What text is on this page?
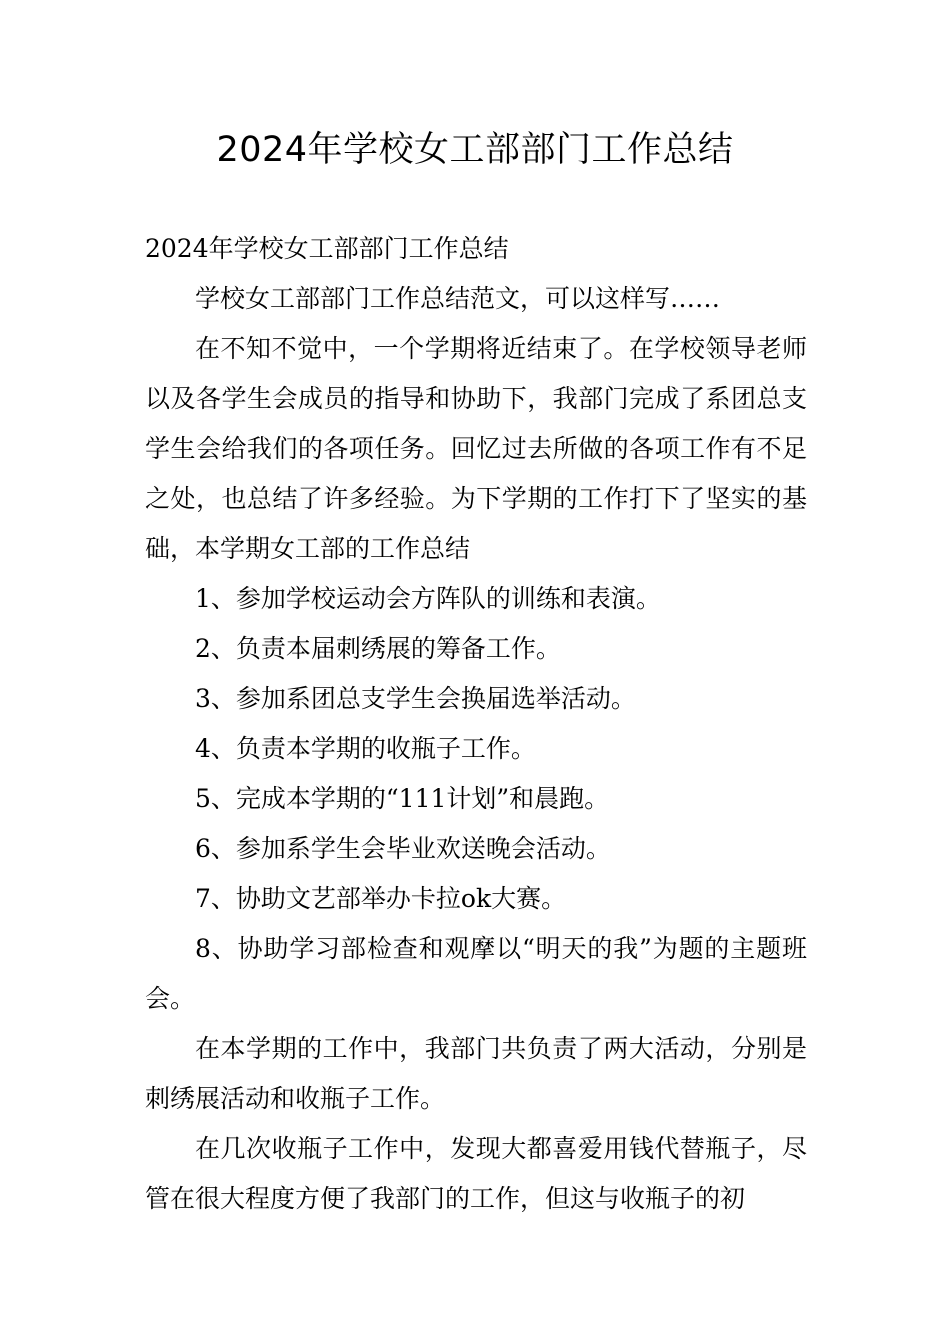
2024年学校女工部部门工作总结

2024年学校女工部部门工作总结

学校女工部部门工作总结范文，可以这样写……

在不知不觉中，一个学期将近结束了。在学校领导老师以及各学生会成员的指导和协助下，我部门完成了系团总支学生会给我们的各项任务。回忆过去所做的各项工作有不足之处，也总结了许多经验。为下学期的工作打下了坚实的基础，本学期女工部的工作总结

1、参加学校运动会方阵队的训练和表演。

2、负责本届刺绣展的筹备工作。

3、参加系团总支学生会换届选举活动。

4、负责本学期的收瓶子工作。

5、完成本学期的“111计划”和晨跑。

6、参加系学生会毕业欢送晚会活动。

7、协助文艺部举办卡拉ok大赛。

8、协助学习部检查和观摩以“明天的我”为题的主题班会。

在本学期的工作中，我部门共负责了两大活动，分别是刺绣展活动和收瓶子工作。

在几次收瓶子工作中，发现大都喜爱用钱代替瓶子，尽管在很大程度方便了我部门的工作，但这与收瓶子的初
